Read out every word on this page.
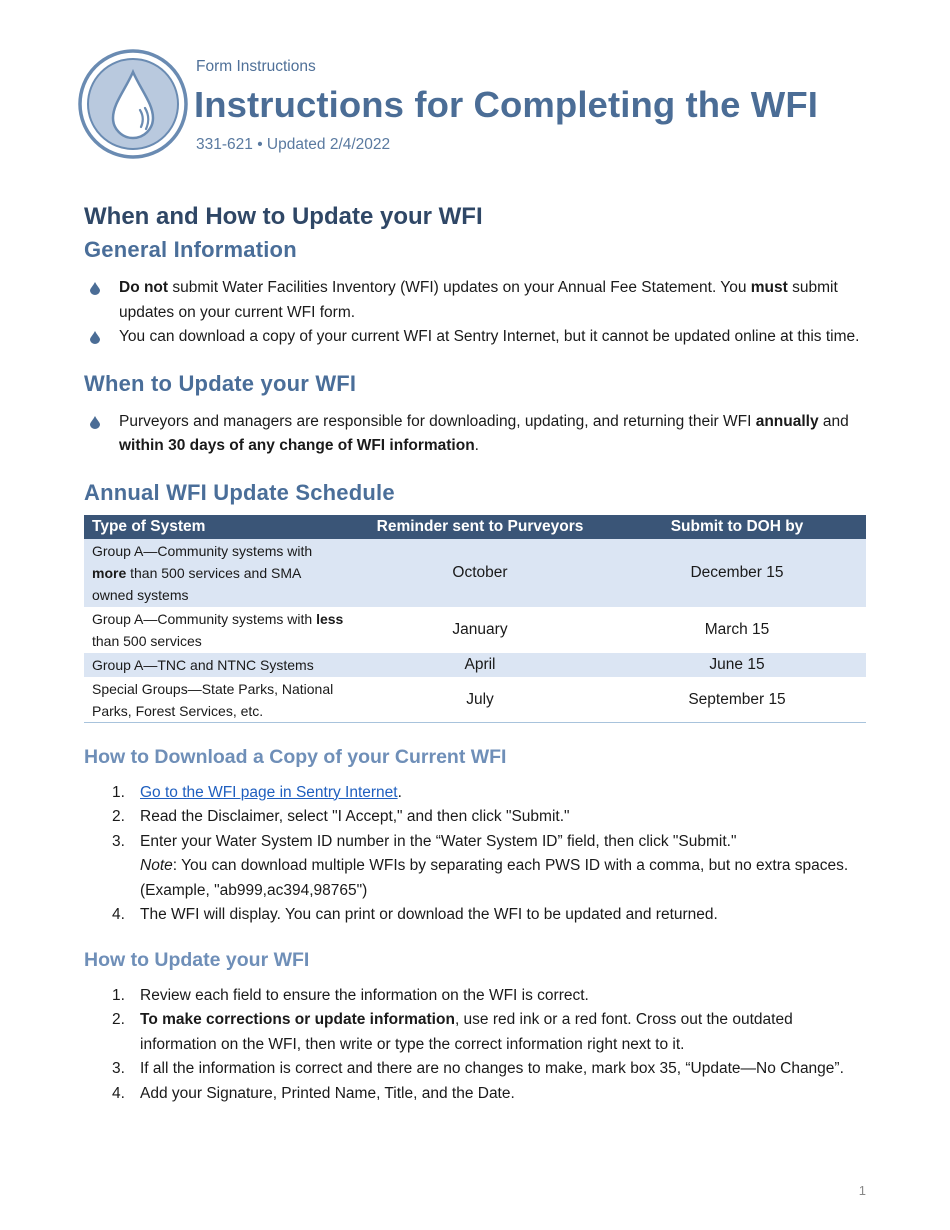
Form Instructions
Instructions for Completing the WFI
331-621 • Updated 2/4/2022
When and How to Update your WFI
General Information
Do not submit Water Facilities Inventory (WFI) updates on your Annual Fee Statement. You must submit updates on your current WFI form.
You can download a copy of your current WFI at Sentry Internet, but it cannot be updated online at this time.
When to Update your WFI
Purveyors and managers are responsible for downloading, updating, and returning their WFI annually and within 30 days of any change of WFI information.
Annual WFI Update Schedule
Type of System	Reminder sent to Purveyors	Submit to DOH by
Group A—Community systems with more than 500 services and SMA owned systems	October	December 15
Group A—Community systems with less than 500 services	January	March 15
Group A—TNC and NTNC Systems	April	June 15
Special Groups—State Parks, National Parks, Forest Services, etc.	July	September 15
How to Download a Copy of your Current WFI
1. Go to the WFI page in Sentry Internet.
2. Read the Disclaimer, select "I Accept," and then click "Submit."
3. Enter your Water System ID number in the “Water System ID” field, then click "Submit."
Note: You can download multiple WFIs by separating each PWS ID with a comma, but no extra spaces. (Example, "ab999,ac394,98765")
4. The WFI will display. You can print or download the WFI to be updated and returned.
How to Update your WFI
1. Review each field to ensure the information on the WFI is correct.
2. To make corrections or update information, use red ink or a red font. Cross out the outdated information on the WFI, then write or type the correct information right next to it.
3. If all the information is correct and there are no changes to make, mark box 35, “Update—No Change”.
4. Add your Signature, Printed Name, Title, and the Date.
1
